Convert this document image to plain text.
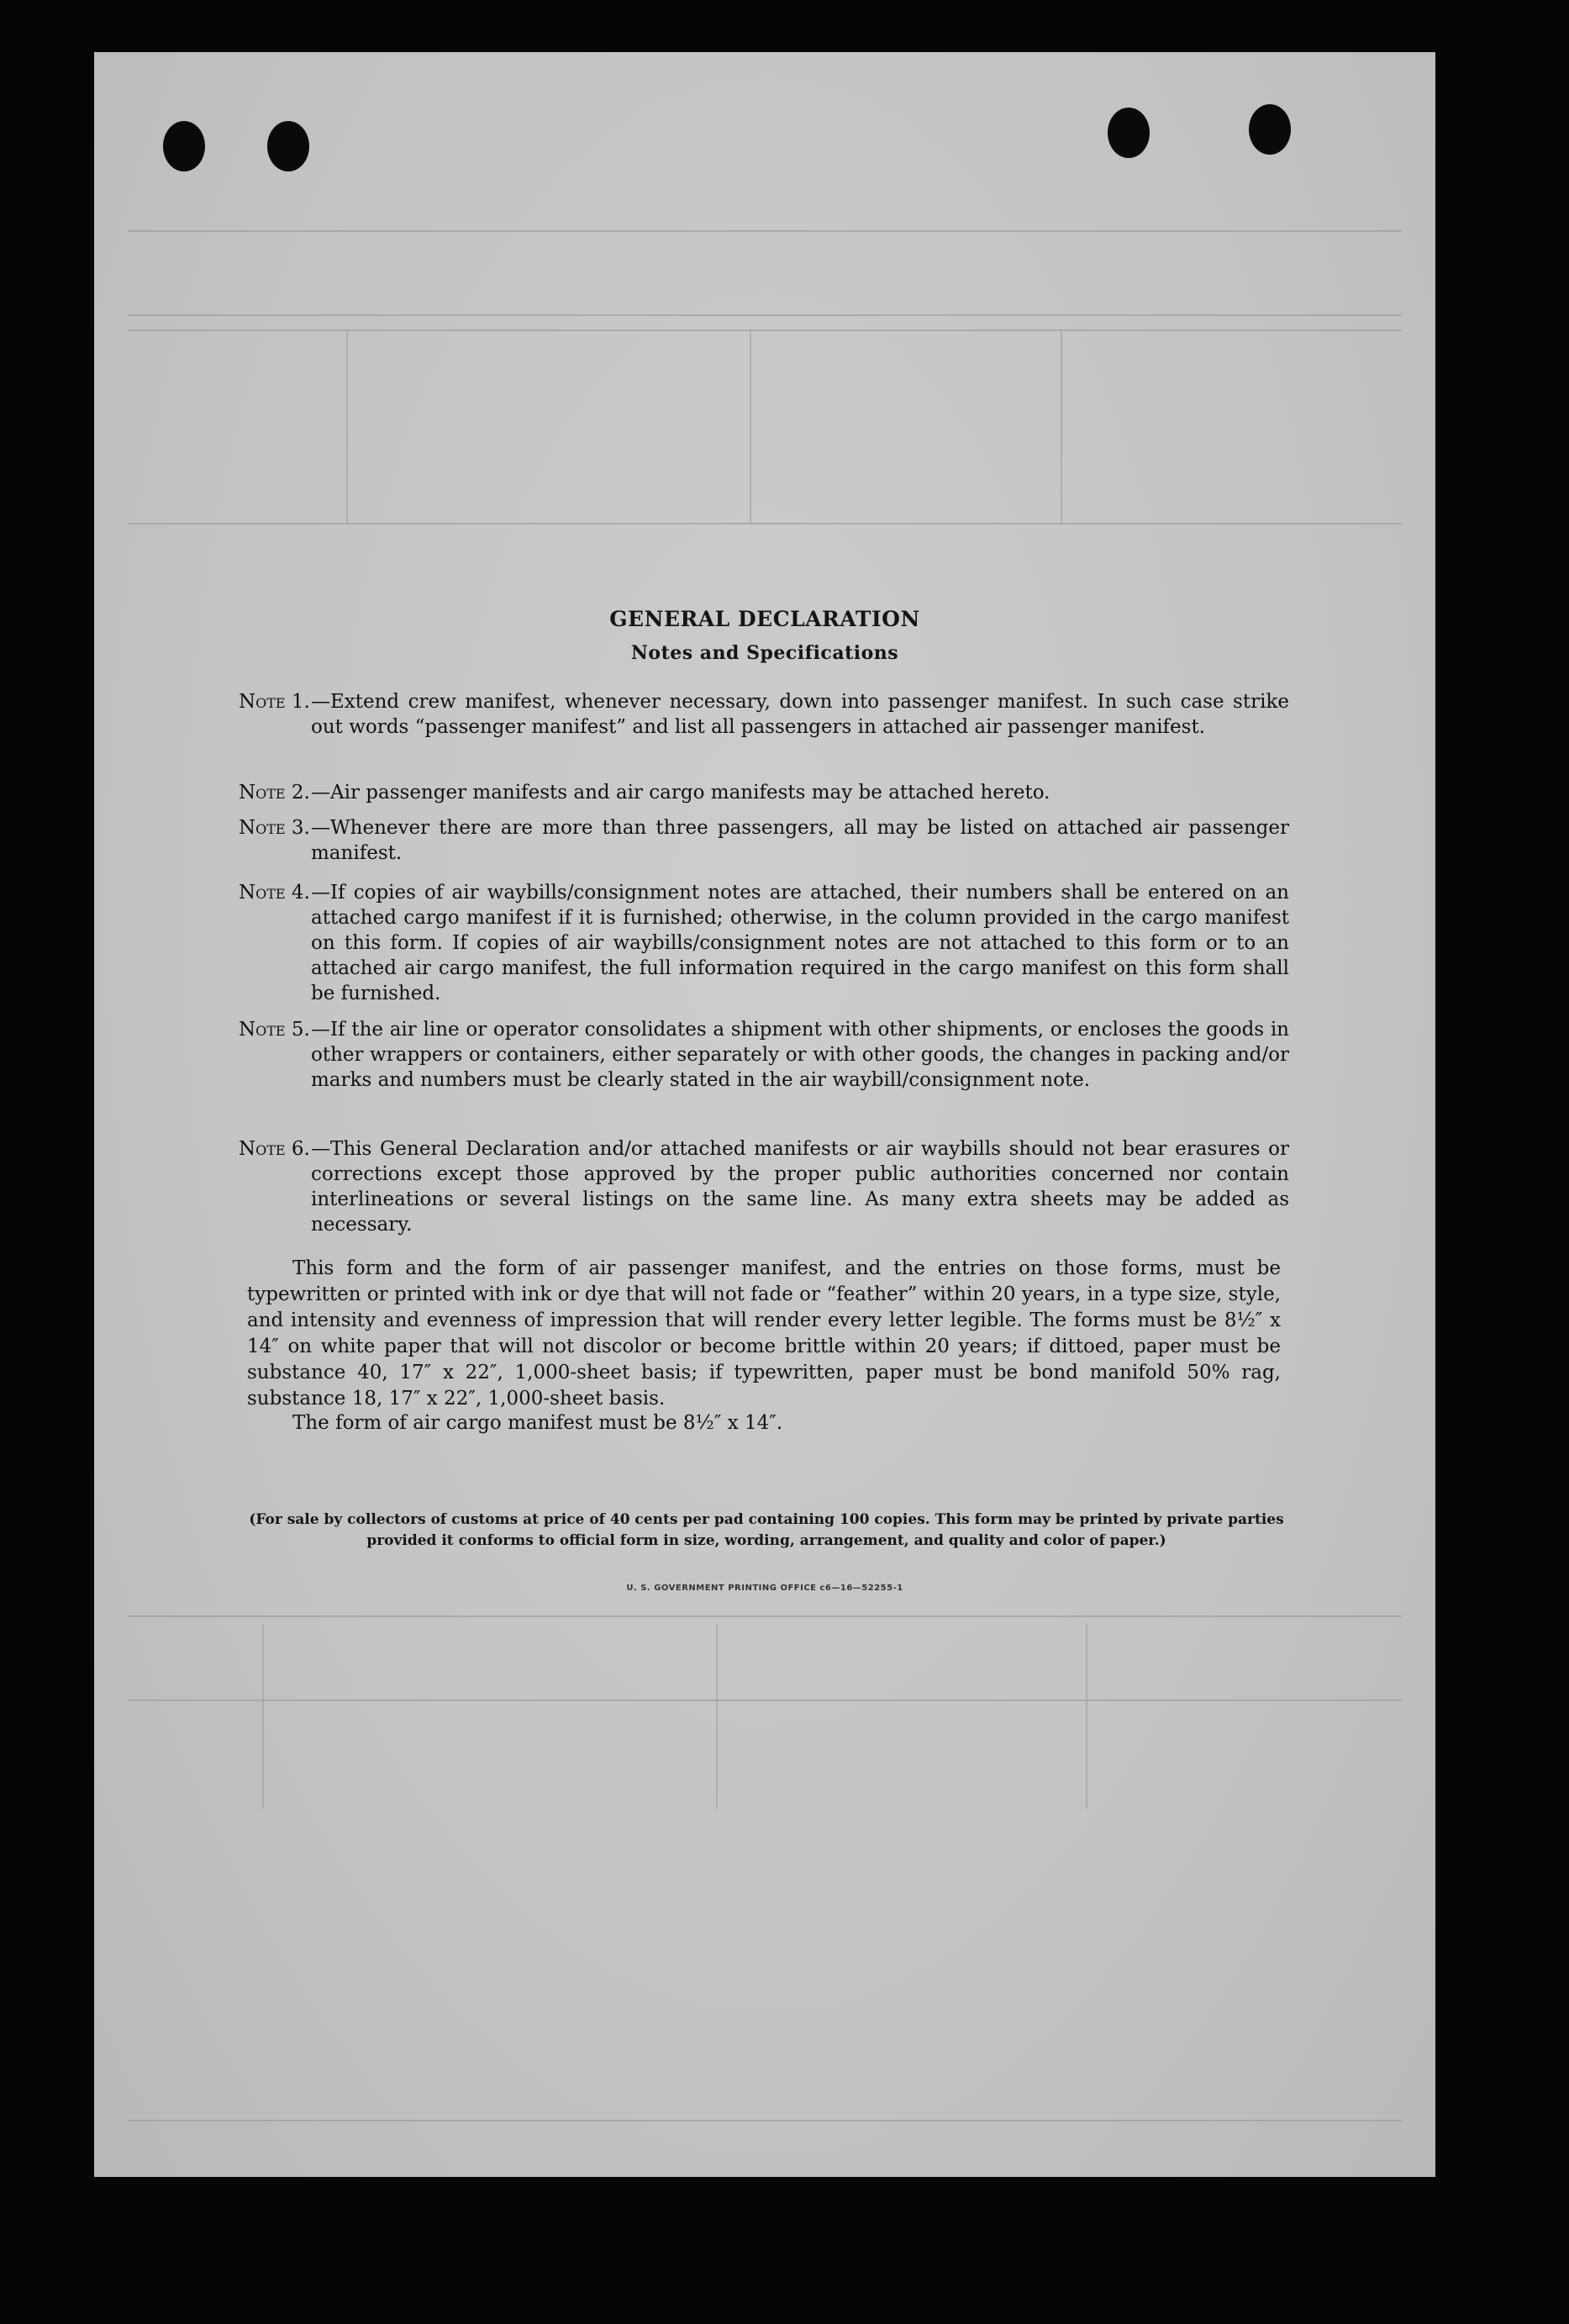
GENERAL DECLARATION
Notes and Specifications
Note 1. —Extend crew manifest, whenever necessary, down into passenger manifest. In such case strike out words “passenger manifest” and list all passengers in attached air passenger manifest.
Note 2. —Air passenger manifests and air cargo manifests may be attached hereto.
Note 3. —Whenever there are more than three passengers, all may be listed on attached air passenger manifest.
Note 4. —If copies of air waybills/consignment notes are attached, their numbers shall be entered on an attached cargo manifest if it is furnished; otherwise, in the column provided in the cargo manifest on this form. If copies of air waybills/consignment notes are not attached to this form or to an attached air cargo manifest, the full information required in the cargo manifest on this form shall be furnished.
Note 5. —If the air line or operator consolidates a shipment with other shipments, or encloses the goods in other wrappers or containers, either separately or with other goods, the changes in packing and/or marks and numbers must be clearly stated in the air waybill/consignment note.
Note 6. —This General Declaration and/or attached manifests or air waybills should not bear erasures or corrections except those approved by the proper public authorities concerned nor contain interlineations or several listings on the same line. As many extra sheets may be added as necessary.
This form and the form of air passenger manifest, and the entries on those forms, must be typewritten or printed with ink or dye that will not fade or “feather” within 20 years, in a type size, style, and intensity and evenness of impression that will render every letter legible. The forms must be 8½″ x 14″ on white paper that will not discolor or become brittle within 20 years; if dittoed, paper must be substance 40, 17″ x 22″, 1,000-sheet basis; if typewritten, paper must be bond manifold 50% rag, substance 18, 17″ x 22″, 1,000-sheet basis.
The form of air cargo manifest must be 8½″ x 14″.
(For sale by collectors of customs at price of 40 cents per pad containing 100 copies. This form may be printed by private parties provided it conforms to official form in size, wording, arrangement, and quality and color of paper.)
U. S. GOVERNMENT PRINTING OFFICE c6—16—52255-1
